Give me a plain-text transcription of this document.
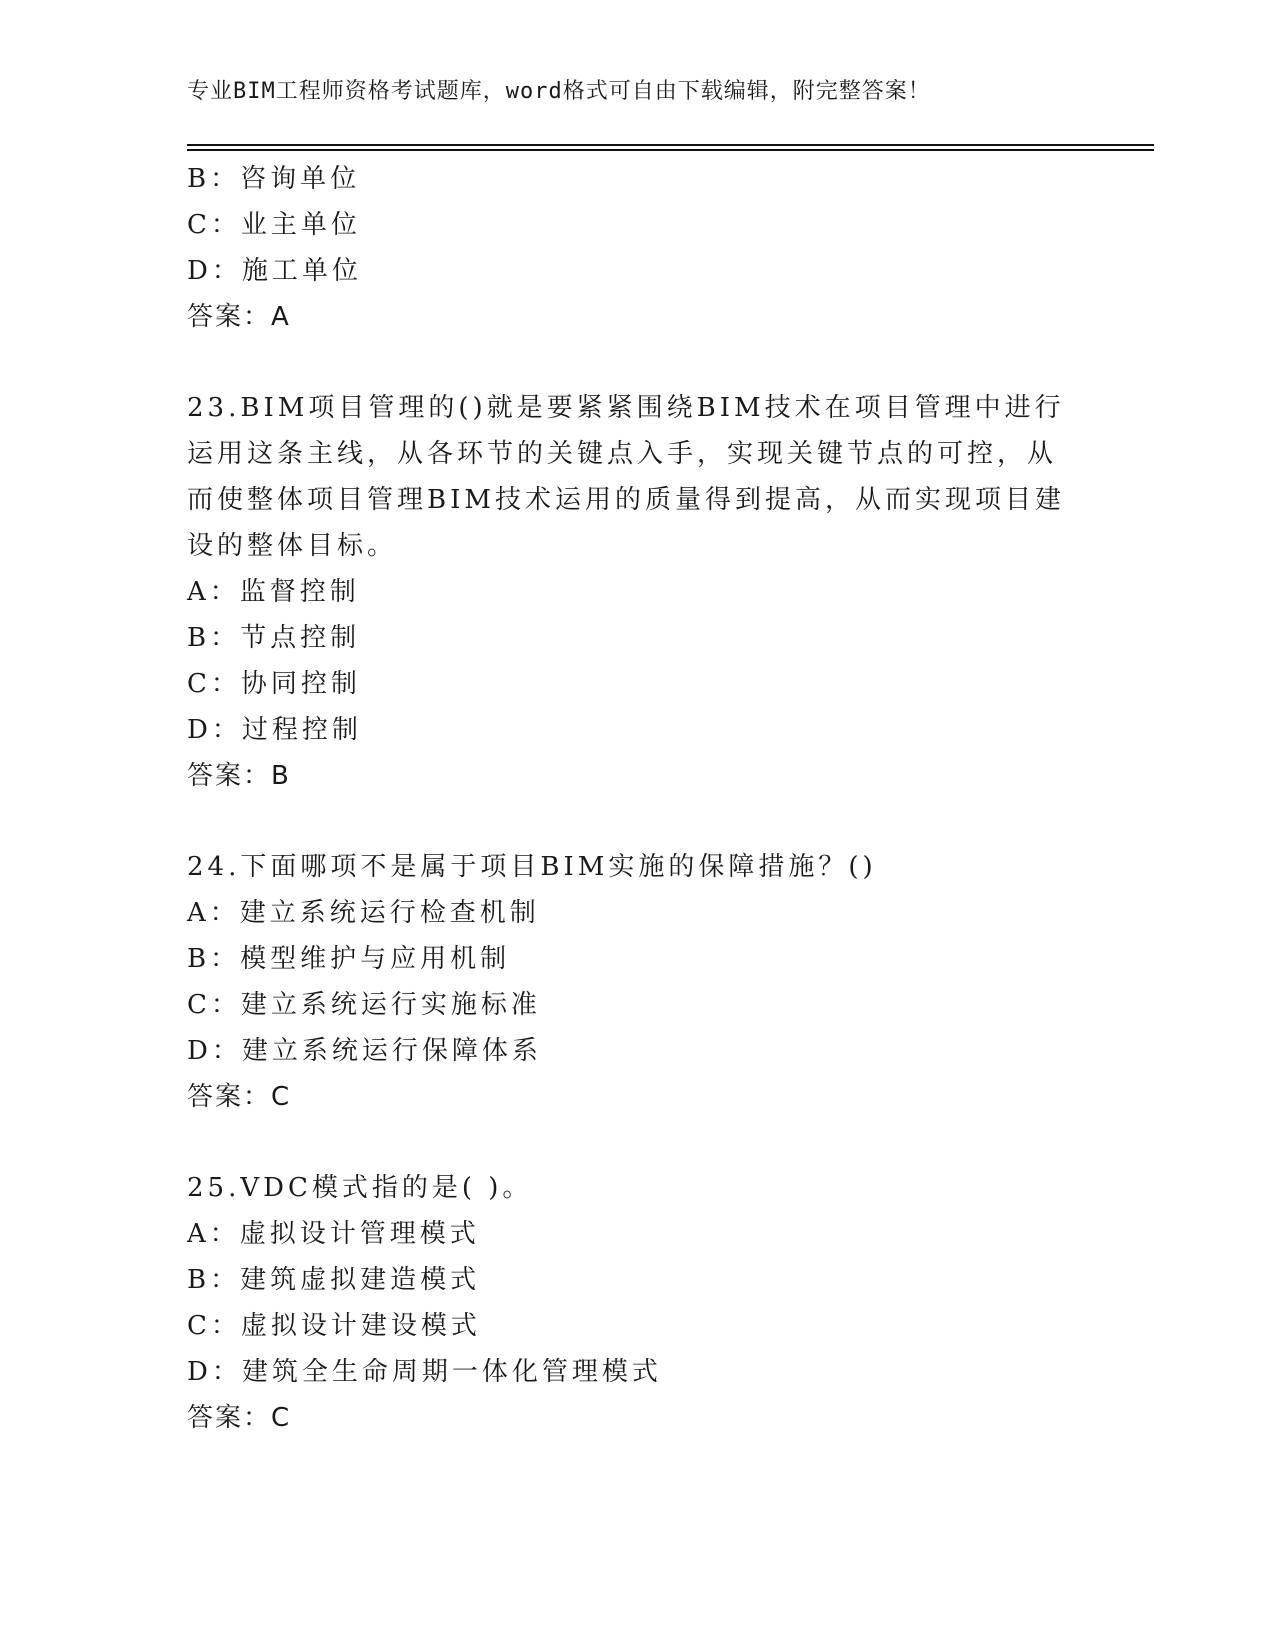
专业BIM工程师资格考试题库，word格式可自由下载编辑，附完整答案！
B：咨询单位
C：业主单位
D：施工单位
答案：A
23.BIM项目管理的()就是要紧紧围绕BIM技术在项目管理中进行运用这条主线，从各环节的关键点入手，实现关键节点的可控，从而使整体项目管理BIM技术运用的质量得到提高，从而实现项目建设的整体目标。
A：监督控制
B：节点控制
C：协同控制
D：过程控制
答案：B
24.下面哪项不是属于项目BIM实施的保障措施？()
A：建立系统运行检查机制
B：模型维护与应用机制
C：建立系统运行实施标准
D：建立系统运行保障体系
答案：C
25.VDC模式指的是( )。
A：虚拟设计管理模式
B：建筑虚拟建造模式
C：虚拟设计建设模式
D：建筑全生命周期一体化管理模式
答案：C
